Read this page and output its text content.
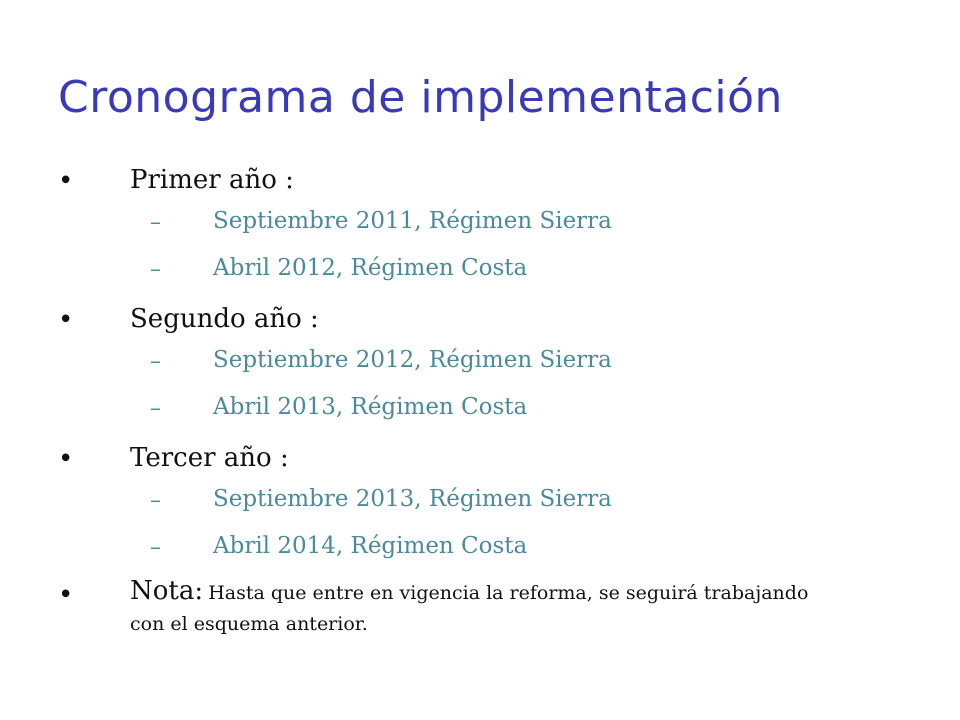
Cronograma de implementación
• Primer año :
– Septiembre 2011, Régimen Sierra
– Abril 2012, Régimen Costa
• Segundo año :
– Septiembre 2012, Régimen Sierra
– Abril 2013, Régimen Costa
• Tercer año :
– Septiembre 2013, Régimen Sierra
– Abril 2014, Régimen Costa
• Nota: Hasta que entre en vigencia la reforma, se seguirá trabajando con el esquema anterior.
